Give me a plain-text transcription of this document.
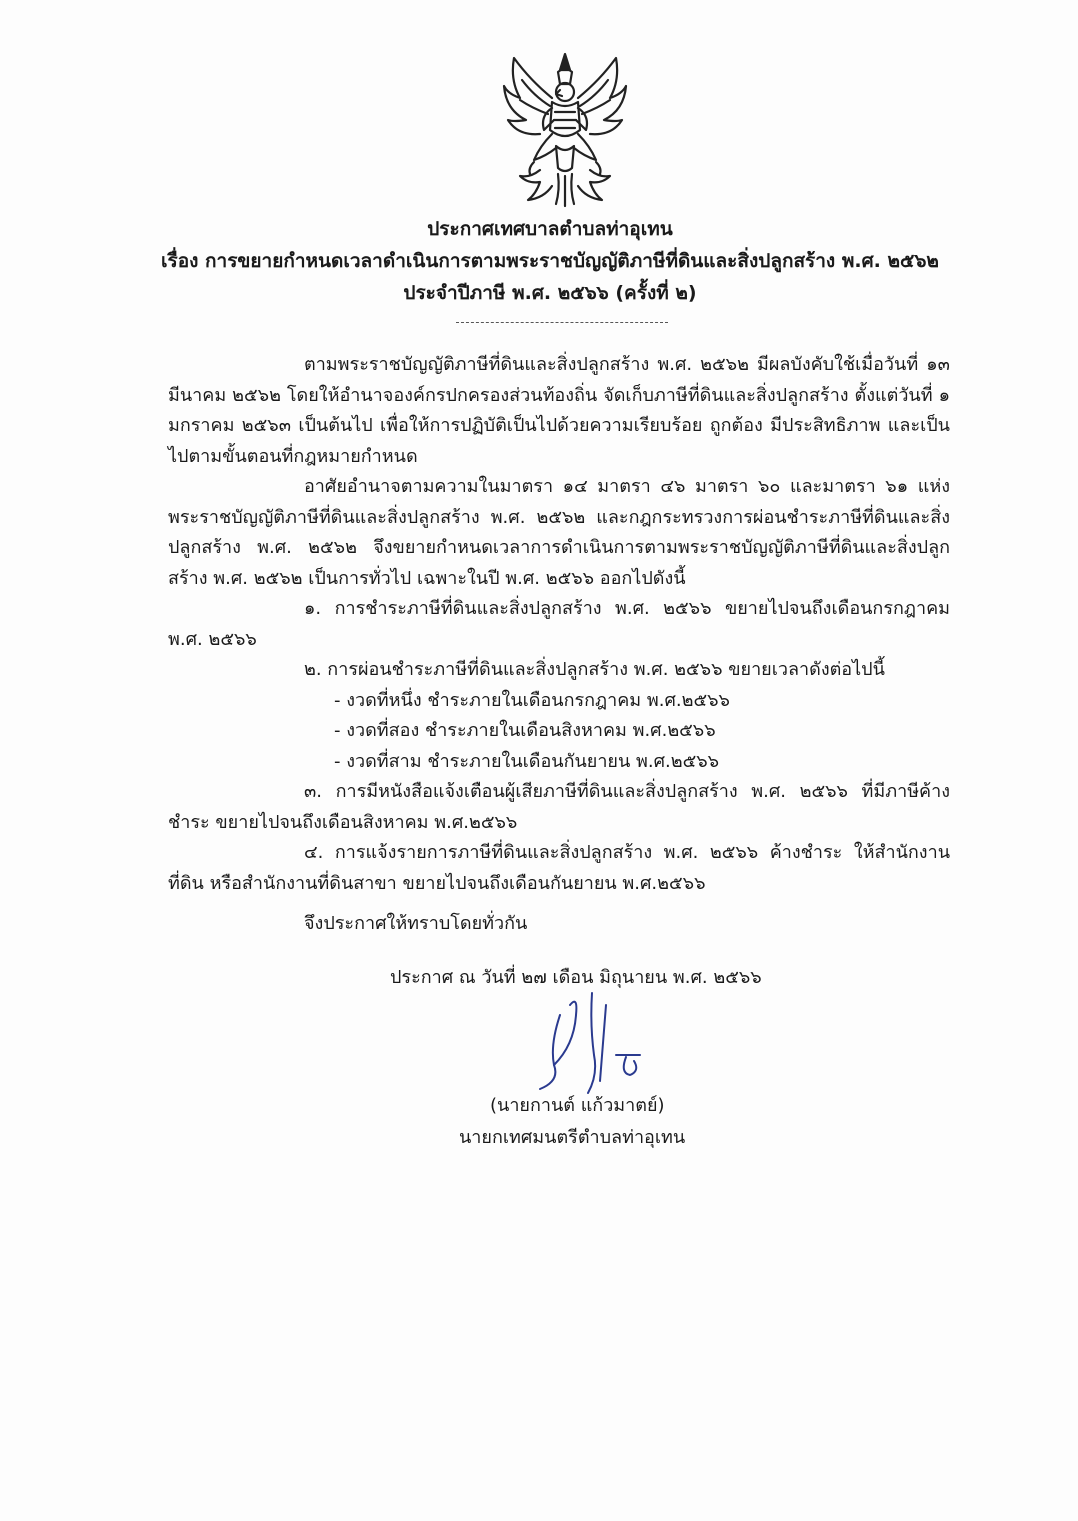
ประกาศเทศบาลตำบลท่าอุเทน
เรื่อง การขยายกำหนดเวลาดำเนินการตามพระราชบัญญัติภาษีที่ดินและสิ่งปลูกสร้าง พ.ศ. ๒๕๖๒
ประจำปีภาษี พ.ศ. ๒๕๖๖ (ครั้งที่ ๒)

ตามพระราชบัญญัติภาษีที่ดินและสิ่งปลูกสร้าง พ.ศ. ๒๕๖๒ มีผลบังคับใช้เมื่อวันที่ ๑๓ มีนาคม ๒๕๖๒ โดยให้อำนาจองค์กรปกครองส่วนท้องถิ่น จัดเก็บภาษีที่ดินและสิ่งปลูกสร้าง ตั้งแต่วันที่ ๑ มกราคม ๒๕๖๓ เป็นต้นไป เพื่อให้การปฏิบัติเป็นไปด้วยความเรียบร้อย ถูกต้อง มีประสิทธิภาพ และเป็นไปตามขั้นตอนที่กฎหมายกำหนด

อาศัยอำนาจตามความในมาตรา ๑๔ มาตรา ๔๖ มาตรา ๖๐ และมาตรา ๖๑ แห่ง พระราชบัญญัติภาษีที่ดินและสิ่งปลูกสร้าง พ.ศ. ๒๕๖๒ และกฎกระทรวงการผ่อนชำระภาษีที่ดินและสิ่งปลูกสร้าง พ.ศ. ๒๕๖๒ จึงขยายกำหนดเวลาการดำเนินการตามพระราชบัญญัติภาษีที่ดินและสิ่งปลูกสร้าง พ.ศ. ๒๕๖๒ เป็นการทั่วไป เฉพาะในปี พ.ศ. ๒๕๖๖ ออกไปดังนี้

๑. การชำระภาษีที่ดินและสิ่งปลูกสร้าง พ.ศ. ๒๕๖๖ ขยายไปจนถึงเดือนกรกฎาคม พ.ศ. ๒๕๖๖

๒. การผ่อนชำระภาษีที่ดินและสิ่งปลูกสร้าง พ.ศ. ๒๕๖๖ ขยายเวลาดังต่อไปนี้

- งวดที่หนึ่ง ชำระภายในเดือนกรกฎาคม พ.ศ.๒๕๖๖

- งวดที่สอง ชำระภายในเดือนสิงหาคม พ.ศ.๒๕๖๖

- งวดที่สาม ชำระภายในเดือนกันยายน พ.ศ.๒๕๖๖

๓. การมีหนังสือแจ้งเตือนผู้เสียภาษีที่ดินและสิ่งปลูกสร้าง พ.ศ. ๒๕๖๖ ที่มีภาษีค้างชำระ ขยายไปจนถึงเดือนสิงหาคม พ.ศ.๒๕๖๖

๔. การแจ้งรายการภาษีที่ดินและสิ่งปลูกสร้าง พ.ศ. ๒๕๖๖ ค้างชำระ ให้สำนักงานที่ดิน หรือสำนักงานที่ดินสาขา ขยายไปจนถึงเดือนกันยายน พ.ศ.๒๕๖๖

จึงประกาศให้ทราบโดยทั่วกัน

ประกาศ ณ วันที่ ๒๗ เดือน มิถุนายน พ.ศ. ๒๕๖๖
(นายกานต์ แก้วมาตย์)
นายกเทศมนตรีตำบลท่าอุเทน
